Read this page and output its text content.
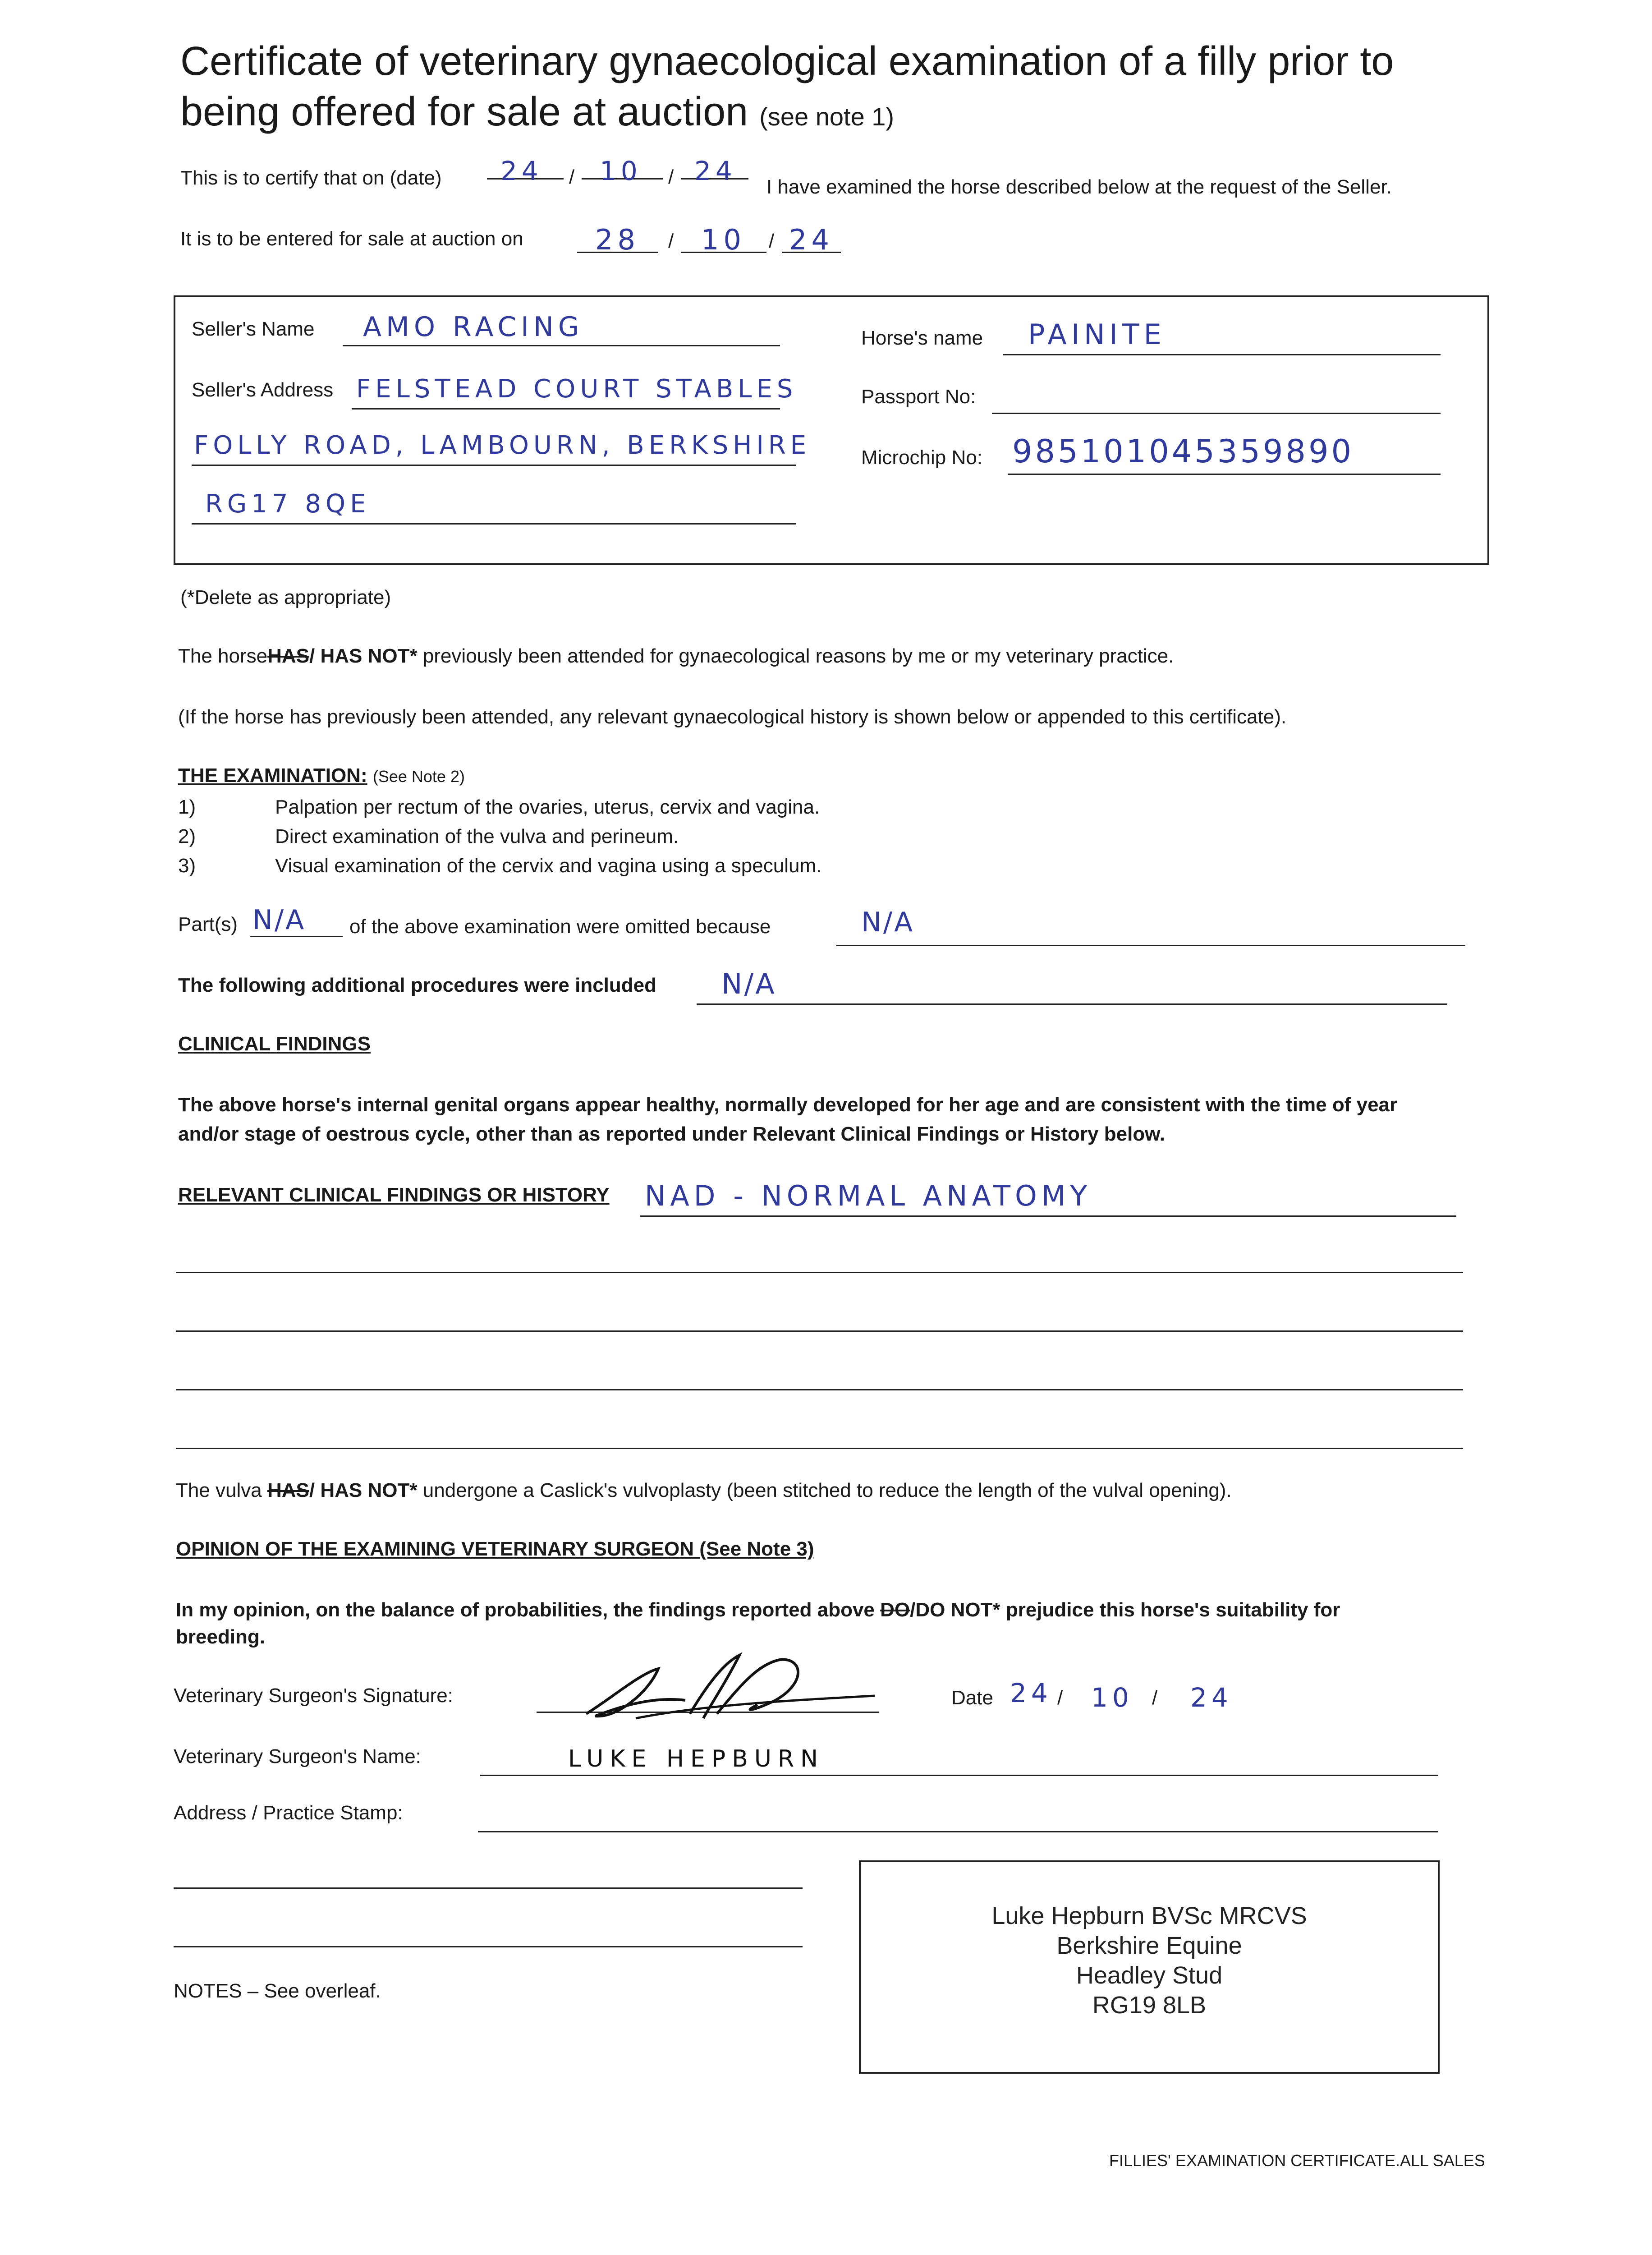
Certificate of veterinary gynaecological examination of a filly prior to
being offered for sale at auction (see note 1)
This is to certify that on (date) 24 / 10 / 24
I have examined the horse described below at the request of the Seller.
It is to be entered for sale at auction on	28 / 10 / 24
Seller's Name AMO RACING
Seller's Address FELSTEAD COURT STABLES
FOLLY ROAD, LAMBOURN, BERKSHIRE
RG17 8QE
Horse's name PAINITE
Passport No:
Microchip No: 985101045359890
(*Delete as appropriate)
The horseHAS/ HAS NOT* previously been attended for gynaecological reasons by me or my veterinary practice.
(If the horse has previously been attended, any relevant gynaecological history is shown below or appended to this certificate).
THE EXAMINATION: (See Note 2)
1)	Palpation per rectum of the ovaries, uterus, cervix and vagina.
2)	Direct examination of the vulva and perineum.
3)	Visual examination of the cervix and vagina using a speculum.
Part(s) N/A of the above examination were omitted because	N/A
The following additional procedures were included N/A
CLINICAL FINDINGS
The above horse's internal genital organs appear healthy, normally developed for her age and are consistent with the time of year
and/or stage of oestrous cycle, other than as reported under Relevant Clinical Findings or History below.
RELEVANT CLINICAL FINDINGS OR HISTORY NAD - NORMAL ANATOMY
The vulva HAS/ HAS NOT* undergone a Caslick's vulvoplasty (been stitched to reduce the length of the vulval opening).
OPINION OF THE EXAMINING VETERINARY SURGEON (See Note 3)
In my opinion, on the balance of probabilities, the findings reported above DO/DO NOT* prejudice this horse's suitability for
breeding.
Veterinary Surgeon's Signature:	Date 24 / 10 / 24
Veterinary Surgeon's Name:	LUKE HEPBURN
Address / Practice Stamp:
Luke Hepburn BVSc MRCVS
Berkshire Equine
Headley Stud
RG19 8LB
NOTES – See overleaf.
FILLIES' EXAMINATION CERTIFICATE.ALL SALES
